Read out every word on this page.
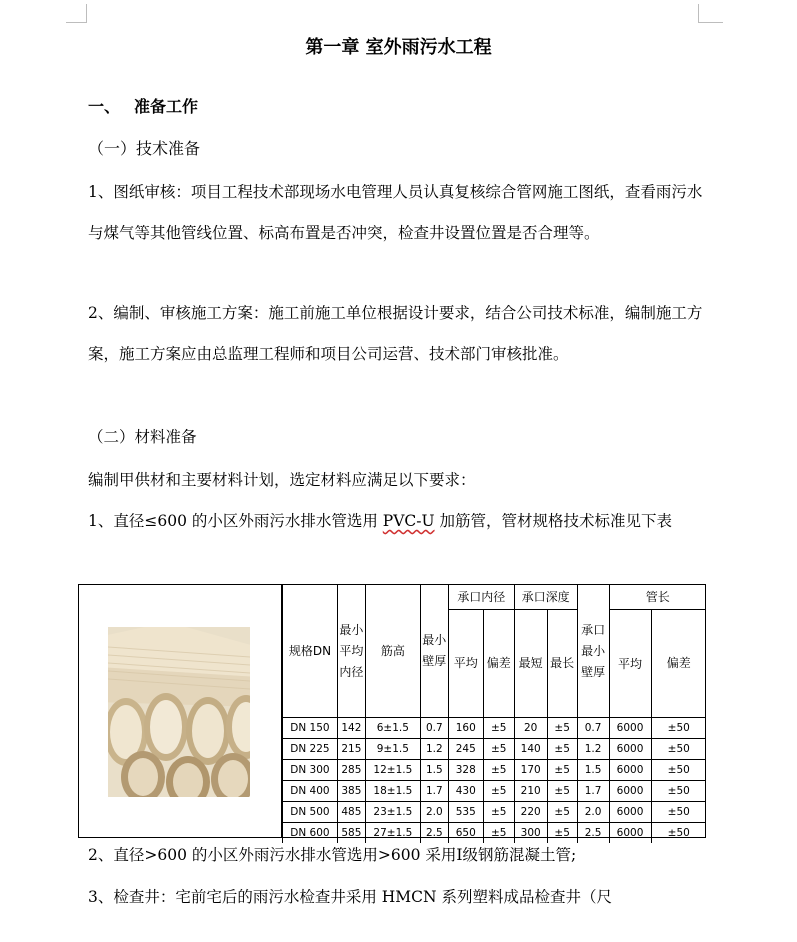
第一章 室外雨污水工程
一、 准备工作
（一）技术准备
1、图纸审核：项目工程技术部现场水电管理人员认真复核综合管网施工图纸，查看雨污水与煤气等其他管线位置、标高布置是否冲突，检查井设置位置是否合理等。
2、编制、审核施工方案：施工前施工单位根据设计要求，结合公司技术标准，编制施工方案，施工方案应由总监理工程师和项目公司运营、技术部门审核批准。
（二）材料准备
编制甲供材和主要材料计划，选定材料应满足以下要求：
1、直径≤600 的小区外雨污水排水管选用 PVC-U 加筋管，管材规格技术标准见下表
规格DN	最小平均内径	筋高	最小壁厚	承口内径		承口深度		承口最小壁厚	管长	
				平均	偏差	最短	最长		平均	偏差
DN 150	142	6±1.5	0.7	160	±5	20	±5	0.7	6000	±50
DN 225	215	9±1.5	1.2	245	±5	140	±5	1.2	6000	±50
DN 300	285	12±1.5	1.5	328	±5	170	±5	1.5	6000	±50
DN 400	385	18±1.5	1.7	430	±5	210	±5	1.7	6000	±50
DN 500	485	23±1.5	2.0	535	±5	220	±5	2.0	6000	±50
DN 600	585	27±1.5	2.5	650	±5	300	±5	2.5	6000	±50
2、直径>600 的小区外雨污水排水管选用>600 采用Ⅰ级钢筋混凝土管;
3、检查井：宅前宅后的雨污水检查井采用 HMCN 系列塑料成品检查井（尺
